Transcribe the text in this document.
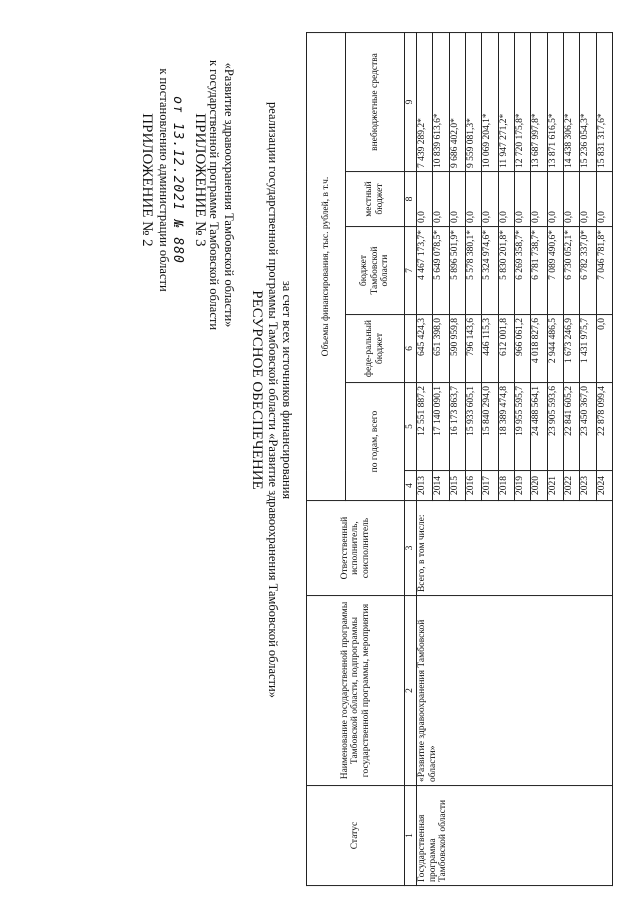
ПРИЛОЖЕНИЕ № 2 к постановлению администрации области от 13.12.2021 № 880 ПРИЛОЖЕНИЕ № 3 к государственной программе Тамбовской области «Развитие здравоохранения Тамбовской области»
РЕСУРСНОЕ ОБЕСПЕЧЕНИЕ реализации государственной программы Тамбовской области «Развитие здравоохранения Тамбовской области» за счет всех источников финансирования
Статус	Наименование государственной программы Тамбовской области, подпрограммы государственной программы, мероприятия	Ответственный исполнитель, соисполнитель	Объемы финансирования, тыс. рублей, в т.ч.					
			по годам, всего		феде-ральный бюджет	бюджет Тамбовской области	местный бюджет	внебюджетные средства
1	2	3	4	5	6	7	8	9
Государственная программа Тамбовской области	«Развитие здравоохранения Тамбовской области»	Всего, в том числе:	2013	12 551 887,2	645 424,3	4 467 173,7*	0,0	7 439 289,2*
			2014	17 140 090,1	651 398,0	5 649 078,5*	0,0	10 839 613,6*
			2015	16 173 863,7	590 959,8	5 896 501,9*	0,0	9 686 402,0*
			2016	15 933 605,1	796 143,6	5 578 380,1*	0,0	9 559 081,3*
			2017	15 840 294,0	446 115,3	5 324 974,6*	0,0	10 069 204,1*
			2018	18 389 474,8	612 001,8	5 830 201,8*	0,0	11 947 271,2*
			2019	19 955 595,7	966 061,2	6 269 358,7*	0,0	12 720 175,8*
			2020	24 488 564,1	4 018 827,6	6 781 738,7*	0,0	13 687 997,8*
			2021	23 905 593,6	2 944 486,5	7 089 490,6*	0,0	13 871 616,5*
			2022	22 841 605,2	1 673 246,9	6 730 052,1*	0,0	14 438 306,2*
			2023	23 450 367,0	1 431 975,7	6 782 337,0*	0,0	15 236 054,3*
			2024	22 878 099,4	0,0	7 046 781,8*	0,0	15 831 317,6*
